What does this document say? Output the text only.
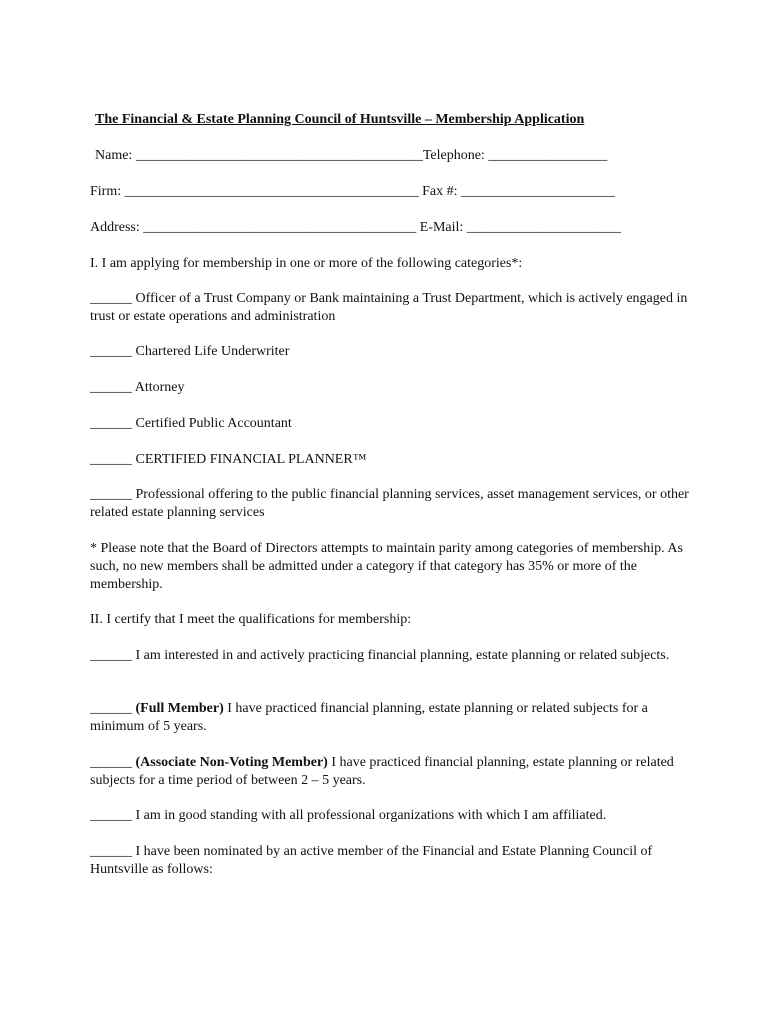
The Financial & Estate Planning Council of Huntsville – Membership Application
Name: _________________________________________Telephone: _________________
Firm: __________________________________________ Fax #: ______________________
Address: _______________________________________ E-Mail: ______________________
I. I am applying for membership in one or more of the following categories*:
______ Officer of a Trust Company or Bank maintaining a Trust Department, which is actively engaged in trust or estate operations and administration
______ Chartered Life Underwriter
______ Attorney
______ Certified Public Accountant
______ CERTIFIED FINANCIAL PLANNER™
______ Professional offering to the public financial planning services, asset management services, or other related estate planning services
* Please note that the Board of Directors attempts to maintain parity among categories of membership. As such, no new members shall be admitted under a category if that category has 35% or more of the membership.
II. I certify that I meet the qualifications for membership:
______ I am interested in and actively practicing financial planning, estate planning or related subjects.
______ (Full Member) I have practiced financial planning, estate planning or related subjects for a minimum of 5 years.
______ (Associate Non-Voting Member) I have practiced financial planning, estate planning or related subjects for a time period of between 2 – 5 years.
______ I am in good standing with all professional organizations with which I am affiliated.
______ I have been nominated by an active member of the Financial and Estate Planning Council of Huntsville as follows:
